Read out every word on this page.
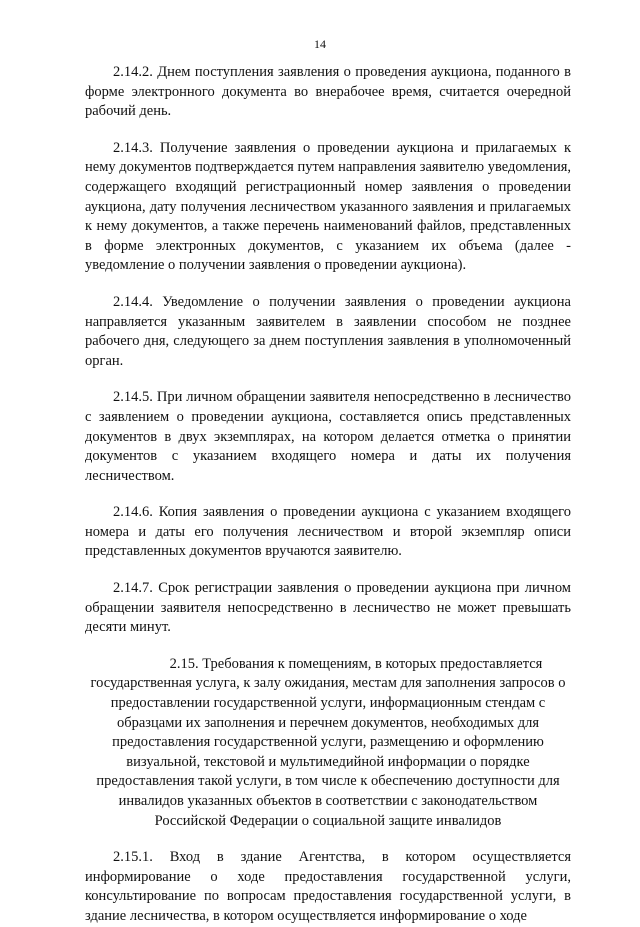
14

2.14.2. Днем поступления заявления о проведения аукциона, поданного в форме электронного документа во внерабочее время, считается очередной рабочий день.

2.14.3. Получение заявления о проведении аукциона и прилагаемых к нему документов подтверждается путем направления заявителю уведомления, содержащего входящий регистрационный номер заявления о проведении аукциона, дату получения лесничеством указанного заявления и прилагаемых к нему документов, а также перечень наименований файлов, представленных в форме электронных документов, с указанием их объема (далее - уведомление о получении заявления о проведении аукциона).

2.14.4. Уведомление о получении заявления о проведении аукциона направляется указанным заявителем в заявлении способом не позднее рабочего дня, следующего за днем поступления заявления в уполномоченный орган.

2.14.5. При личном обращении заявителя непосредственно в лесничество с заявлением о проведении аукциона, составляется опись представленных документов в двух экземплярах, на котором делается отметка о принятии документов с указанием входящего номера и даты их получения лесничеством.

2.14.6. Копия заявления о проведении аукциона с указанием входящего номера и даты его получения лесничеством и второй экземпляр описи представленных документов вручаются заявителю.

2.14.7. Срок регистрации заявления о проведении аукциона при личном обращении заявителя непосредственно в лесничество не может превышать десяти минут.

2.15. Требования к помещениям, в которых предоставляется государственная услуга, к залу ожидания, местам для заполнения запросов о предоставлении государственной услуги, информационным стендам с образцами их заполнения и перечнем документов, необходимых для предоставления государственной услуги, размещению и оформлению визуальной, текстовой и мультимедийной информации о порядке предоставления такой услуги, в том числе к обеспечению доступности для инвалидов указанных объектов в соответствии с законодательством Российской Федерации о социальной защите инвалидов

2.15.1. Вход в здание Агентства, в котором осуществляется информирование о ходе предоставления государственной услуги, консультирование по вопросам предоставления государственной услуги, в здание лесничества, в котором осуществляется информирование о ходе
